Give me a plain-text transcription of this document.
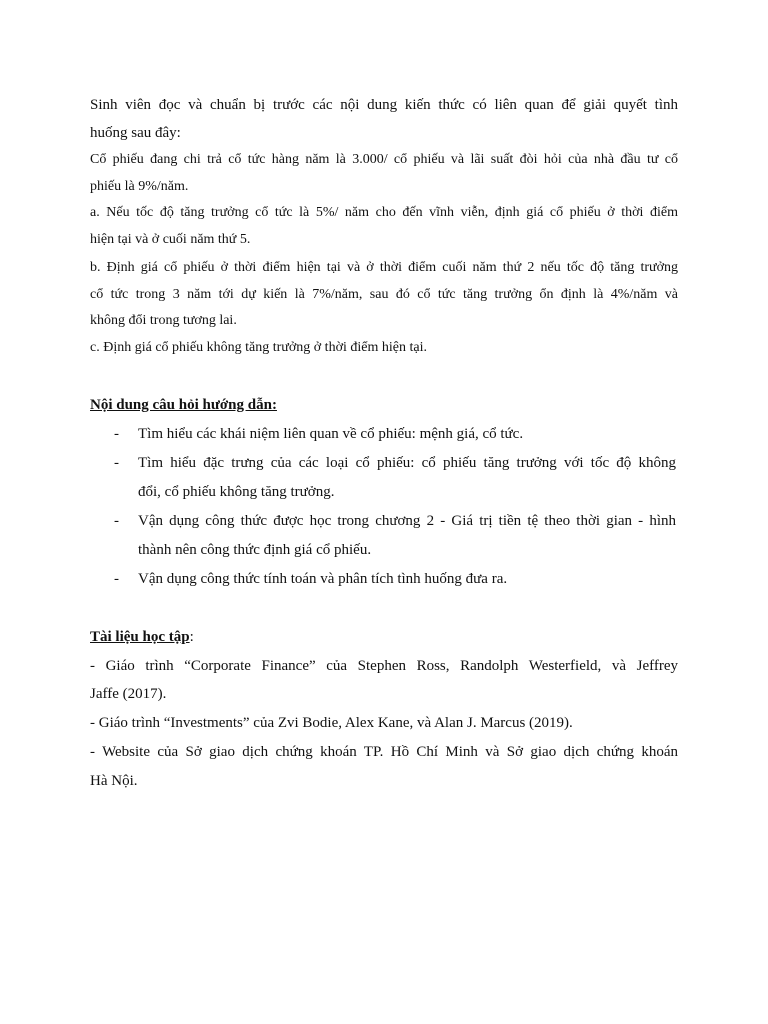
Sinh viên đọc và chuẩn bị trước các nội dung kiến thức có liên quan để giải quyết tình
huống sau đây:
Cổ phiếu đang chi trả cổ tức hàng năm là 3.000/ cổ phiếu và lãi suất đòi hỏi của nhà đầu tư cổ
phiếu là 9%/năm.
a. Nếu tốc độ tăng trưởng cổ tức là 5%/ năm cho đến vĩnh viễn, định giá cổ phiếu ở thời điểm
hiện tại và ở cuối năm thứ 5.
b. Định giá cổ phiếu ở thời điểm hiện tại và ở thời điểm cuối năm thứ 2 nếu tốc độ tăng trưởng
cổ tức trong 3 năm tới dự kiến là 7%/năm, sau đó cổ tức tăng trưởng ổn định là 4%/năm và
không đổi trong tương lai.
c. Định giá cổ phiếu không tăng trưởng ở thời điểm hiện tại.
Nội dung câu hỏi hướng dẫn:
- Tìm hiểu các khái niệm liên quan về cổ phiếu: mệnh giá, cổ tức.
- Tìm hiểu đặc trưng của các loại cổ phiếu: cổ phiếu tăng trưởng với tốc độ không
đổi, cổ phiếu không tăng trưởng.
- Vận dụng công thức được học trong chương 2 - Giá trị tiền tệ theo thời gian - hình
thành nên công thức định giá cổ phiếu.
- Vận dụng công thức tính toán và phân tích tình huống đưa ra.
Tài liệu học tập:
- Giáo trình “Corporate Finance” của Stephen Ross, Randolph Westerfield, và Jeffrey
Jaffe (2017).
- Giáo trình “Investments” của Zvi Bodie, Alex Kane, và Alan J. Marcus (2019).
- Website của Sở giao dịch chứng khoán TP. Hồ Chí Minh và Sở giao dịch chứng khoán
Hà Nội.
